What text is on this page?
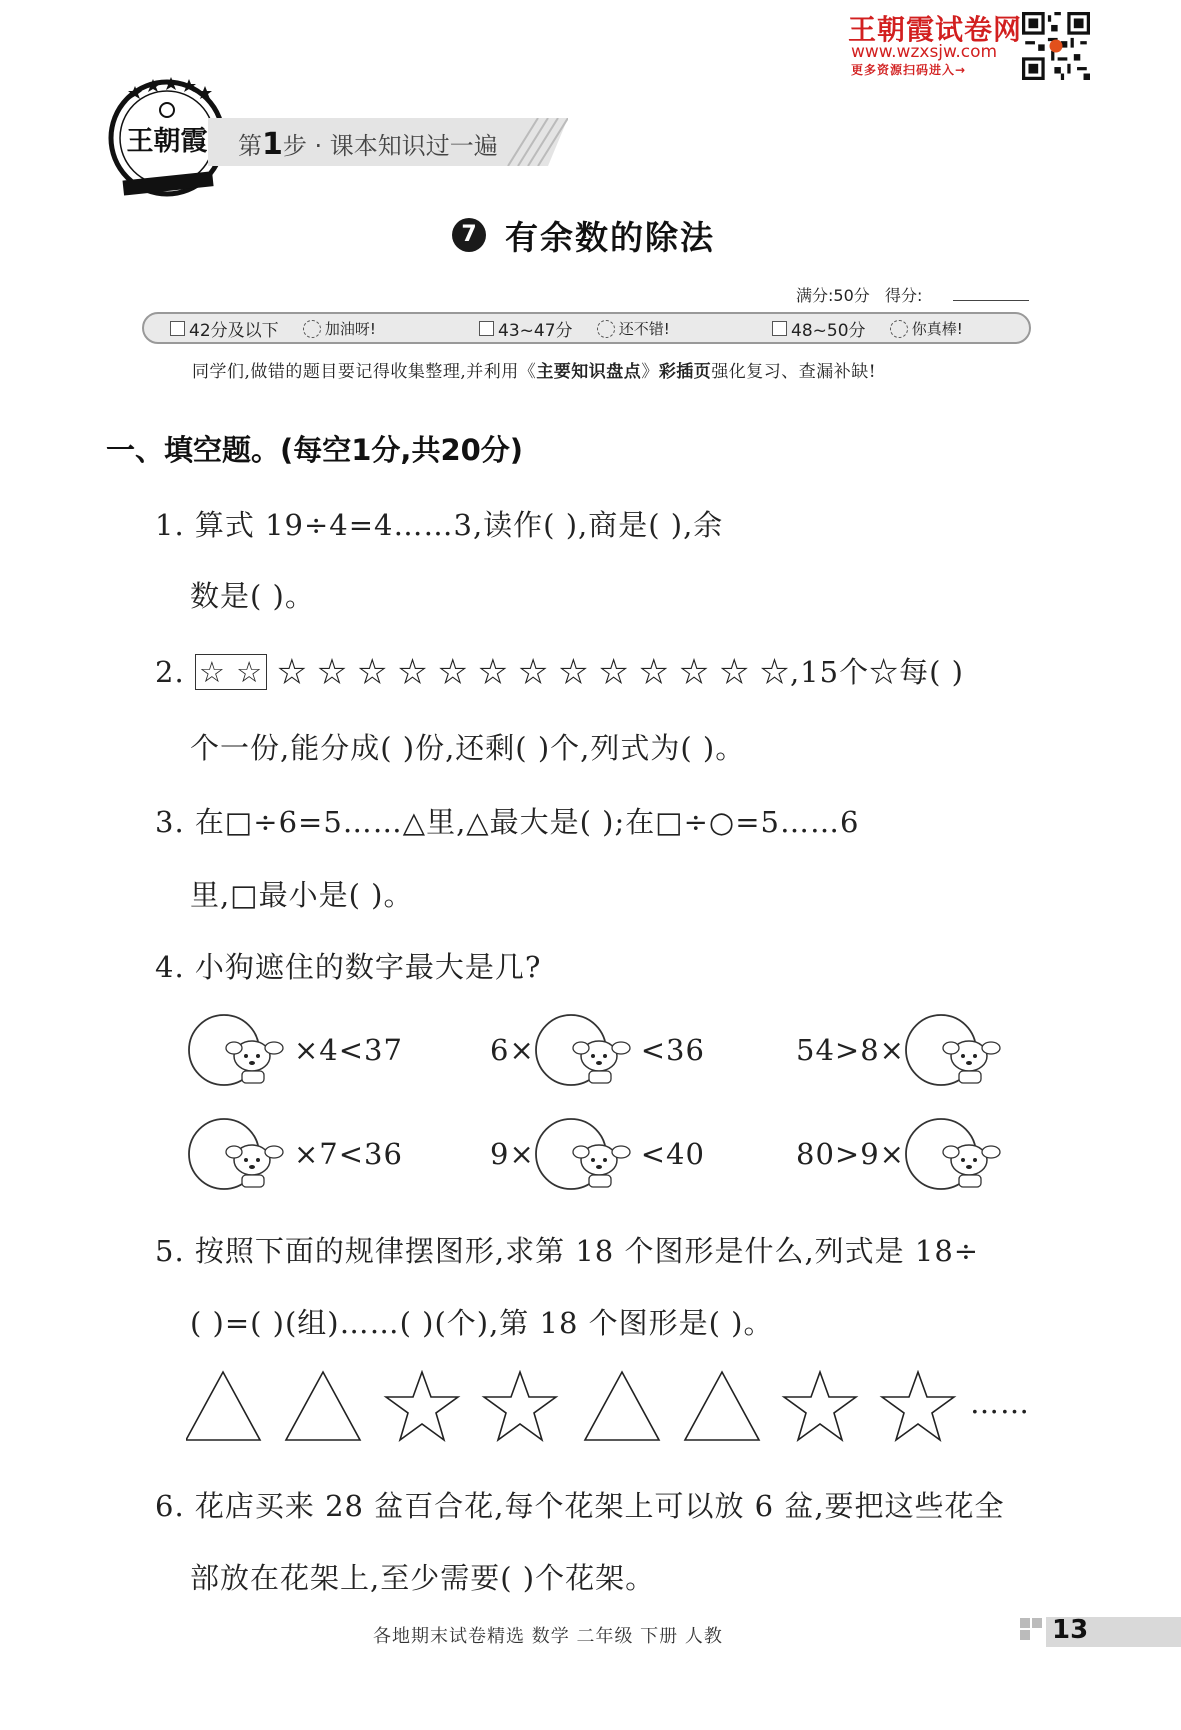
王朝霞试卷网
www.wzxsjw.com
更多资源扫码进入→
王朝霞 第1步 · 课本知识过一遍
7 有余数的除法
满分:50分 得分:
42分及以下
	加油呀!	43~47分
	还不错!	48~50分
	你真棒!
同学们,做错的题目要记得收集整理,并利用《主要知识盘点》彩插页强化复习、查漏补缺!
一、填空题。(每空1分,共20分)
1. 算式 19÷4=4……3,读作( ),商是( ),余
数是( )。
2. ☆ ☆ ☆ ☆ ☆ ☆ ☆ ☆ ☆ ☆ ☆ ☆ ☆ ☆ ☆,15个☆每( )
个一份,能分成( )份,还剩( )个,列式为( )。
3. 在□÷6=5……△里,△最大是( );在□÷○=5……6
里,□最小是( )。
4. 小狗遮住的数字最大是几?
×4<37	6×	<36	54>8×
×7<36	9×	<40	80>9×
5. 按照下面的规律摆图形,求第 18 个图形是什么,列式是 18÷
( )=( )(组)……( )(个),第 18 个图形是( )。
……
6. 花店买来 28 盆百合花,每个花架上可以放 6 盆,要把这些花全
部放在花架上,至少需要( )个花架。
各地期末试卷精选 数学 二年级 下册 人教	13
